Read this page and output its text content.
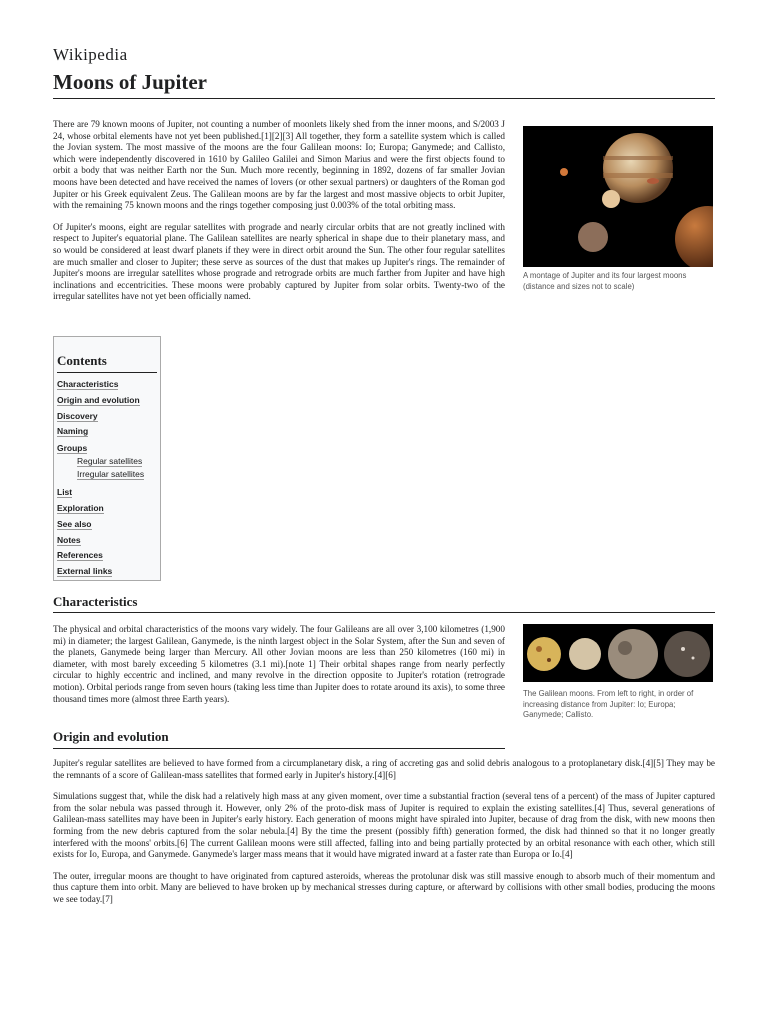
Wikipedia
Moons of Jupiter

There are 79 known moons of Jupiter, not counting a number of moonlets likely shed from the inner moons, and S/2003 J 24, whose orbital elements have not yet been published.[1][2][3] All together, they form a satellite system which is called the Jovian system. The most massive of the moons are the four Galilean moons: Io; Europa; Ganymede; and Callisto, which were independently discovered in 1610 by Galileo Galilei and Simon Marius and were the first objects found to orbit a body that was neither Earth nor the Sun. Much more recently, beginning in 1892, dozens of far smaller Jovian moons have been detected and have received the names of lovers (or other sexual partners) or daughters of the Roman god Jupiter or his Greek equivalent Zeus. The Galilean moons are by far the largest and most massive objects to orbit Jupiter, with the remaining 75 known moons and the rings together composing just 0.003% of the total orbiting mass.

Of Jupiter's moons, eight are regular satellites with prograde and nearly circular orbits that are not greatly inclined with respect to Jupiter's equatorial plane. The Galilean satellites are nearly spherical in shape due to their planetary mass, and so would be considered at least dwarf planets if they were in direct orbit around the Sun. The other four regular satellites are much smaller and closer to Jupiter; these serve as sources of the dust that makes up Jupiter's rings. The remainder of Jupiter's moons are irregular satellites whose prograde and retrograde orbits are much farther from Jupiter and have high inclinations and eccentricities. These moons were probably captured by Jupiter from solar orbits. Twenty-two of the irregular satellites have not yet been officially named.

A montage of Jupiter and its four largest moons (distance and sizes not to scale)
Contents
Characteristics
Origin and evolution
Discovery
Naming
Groups
Regular satellites
Irregular satellites
List
Exploration
See also
Notes
References
External links
Characteristics

The physical and orbital characteristics of the moons vary widely. The four Galileans are all over 3,100 kilometres (1,900 mi) in diameter; the largest Galilean, Ganymede, is the ninth largest object in the Solar System, after the Sun and seven of the planets, Ganymede being larger than Mercury. All other Jovian moons are less than 250 kilometres (160 mi) in diameter, with most barely exceeding 5 kilometres (3.1 mi).[note 1] Their orbital shapes range from nearly perfectly circular to highly eccentric and inclined, and many revolve in the direction opposite to Jupiter's rotation (retrograde motion). Orbital periods range from seven hours (taking less time than Jupiter does to rotate around its axis), to some three thousand times more (almost three Earth years).

The Galilean moons. From left to right, in order of increasing distance from Jupiter: Io; Europa; Ganymede; Callisto.
Origin and evolution

Jupiter's regular satellites are believed to have formed from a circumplanetary disk, a ring of accreting gas and solid debris analogous to a protoplanetary disk.[4][5] They may be the remnants of a score of Galilean-mass satellites that formed early in Jupiter's history.[4][6]

Simulations suggest that, while the disk had a relatively high mass at any given moment, over time a substantial fraction (several tens of a percent) of the mass of Jupiter captured from the solar nebula was passed through it. However, only 2% of the proto-disk mass of Jupiter is required to explain the existing satellites.[4] Thus, several generations of Galilean-mass satellites may have been in Jupiter's early history. Each generation of moons might have spiraled into Jupiter, because of drag from the disk, with new moons then forming from the new debris captured from the solar nebula.[4] By the time the present (possibly fifth) generation formed, the disk had thinned so that it no longer greatly interfered with the moons' orbits.[6] The current Galilean moons were still affected, falling into and being partially protected by an orbital resonance with each other, which still exists for Io, Europa, and Ganymede. Ganymede's larger mass means that it would have migrated inward at a faster rate than Europa or Io.[4]

The outer, irregular moons are thought to have originated from captured asteroids, whereas the protolunar disk was still massive enough to absorb much of their momentum and thus capture them into orbit. Many are believed to have broken up by mechanical stresses during capture, or afterward by collisions with other small bodies, producing the moons we see today.[7]
